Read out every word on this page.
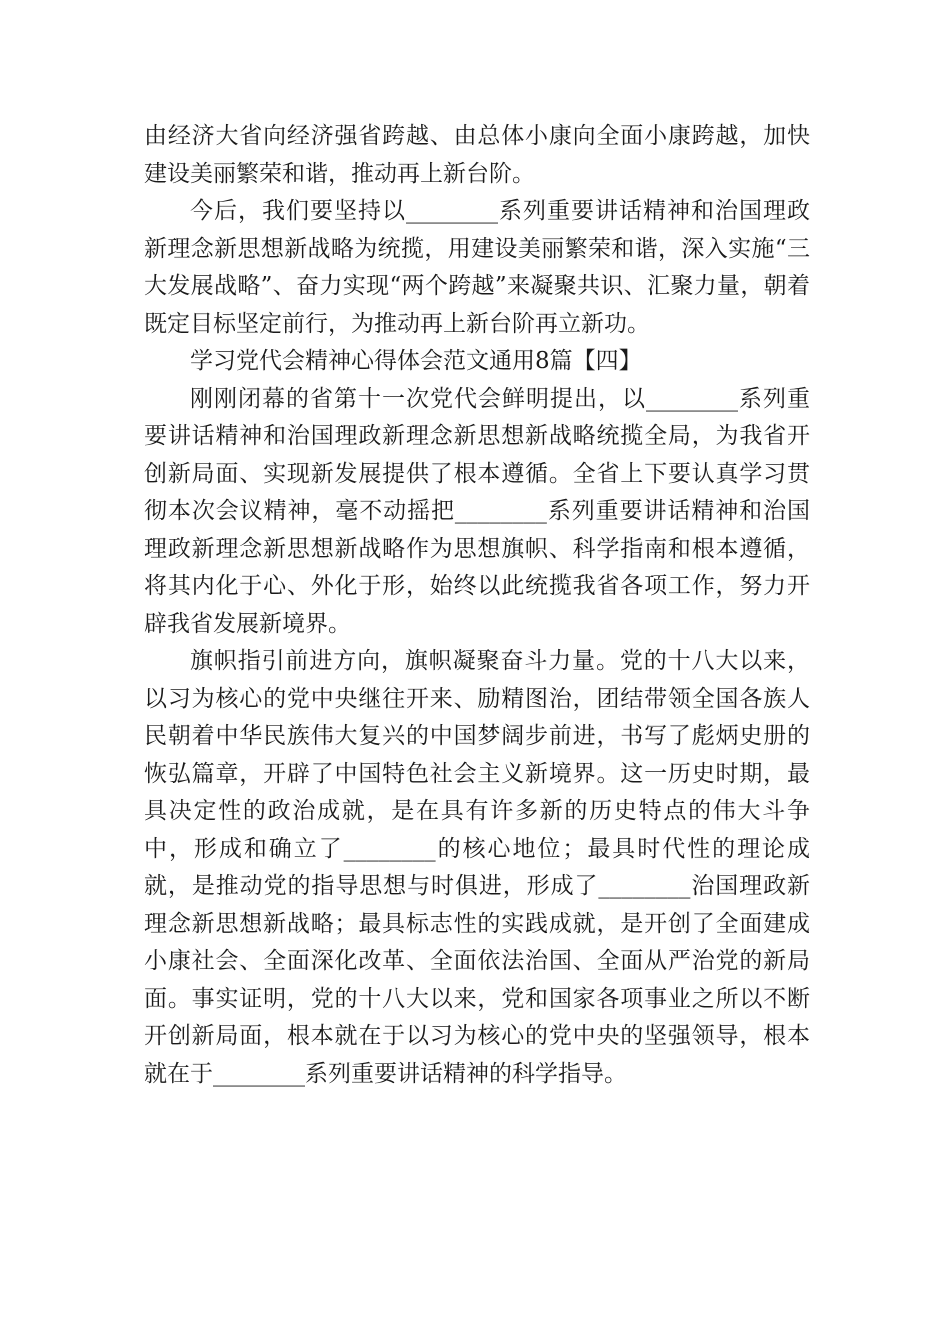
由经济大省向经济强省跨越、由总体小康向全面小康跨越，加快建设美丽繁荣和谐，推动再上新台阶。

今后，我们要坚持以________系列重要讲话精神和治国理政新理念新思想新战略为统揽，用建设美丽繁荣和谐，深入实施“三大发展战略”、奋力实现“两个跨越”来凝聚共识、汇聚力量，朝着既定目标坚定前行，为推动再上新台阶再立新功。

学习党代会精神心得体会范文通用8篇【四】

刚刚闭幕的省第十一次党代会鲜明提出，以________系列重要讲话精神和治国理政新理念新思想新战略统揽全局，为我省开创新局面、实现新发展提供了根本遵循。全省上下要认真学习贯彻本次会议精神，毫不动摇把________系列重要讲话精神和治国理政新理念新思想新战略作为思想旗帜、科学指南和根本遵循，将其内化于心、外化于形，始终以此统揽我省各项工作，努力开辟我省发展新境界。

旗帜指引前进方向，旗帜凝聚奋斗力量。党的十八大以来，以习为核心的党中央继往开来、励精图治，团结带领全国各族人民朝着中华民族伟大复兴的中国梦阔步前进，书写了彪炳史册的恢弘篇章，开辟了中国特色社会主义新境界。这一历史时期，最具决定性的政治成就，是在具有许多新的历史特点的伟大斗争中，形成和确立了________的核心地位；最具时代性的理论成就，是推动党的指导思想与时俱进，形成了________治国理政新理念新思想新战略；最具标志性的实践成就，是开创了全面建成小康社会、全面深化改革、全面依法治国、全面从严治党的新局面。事实证明，党的十八大以来，党和国家各项事业之所以不断开创新局面，根本就在于以习为核心的党中央的坚强领导，根本就在于________系列重要讲话精神的科学指导。
